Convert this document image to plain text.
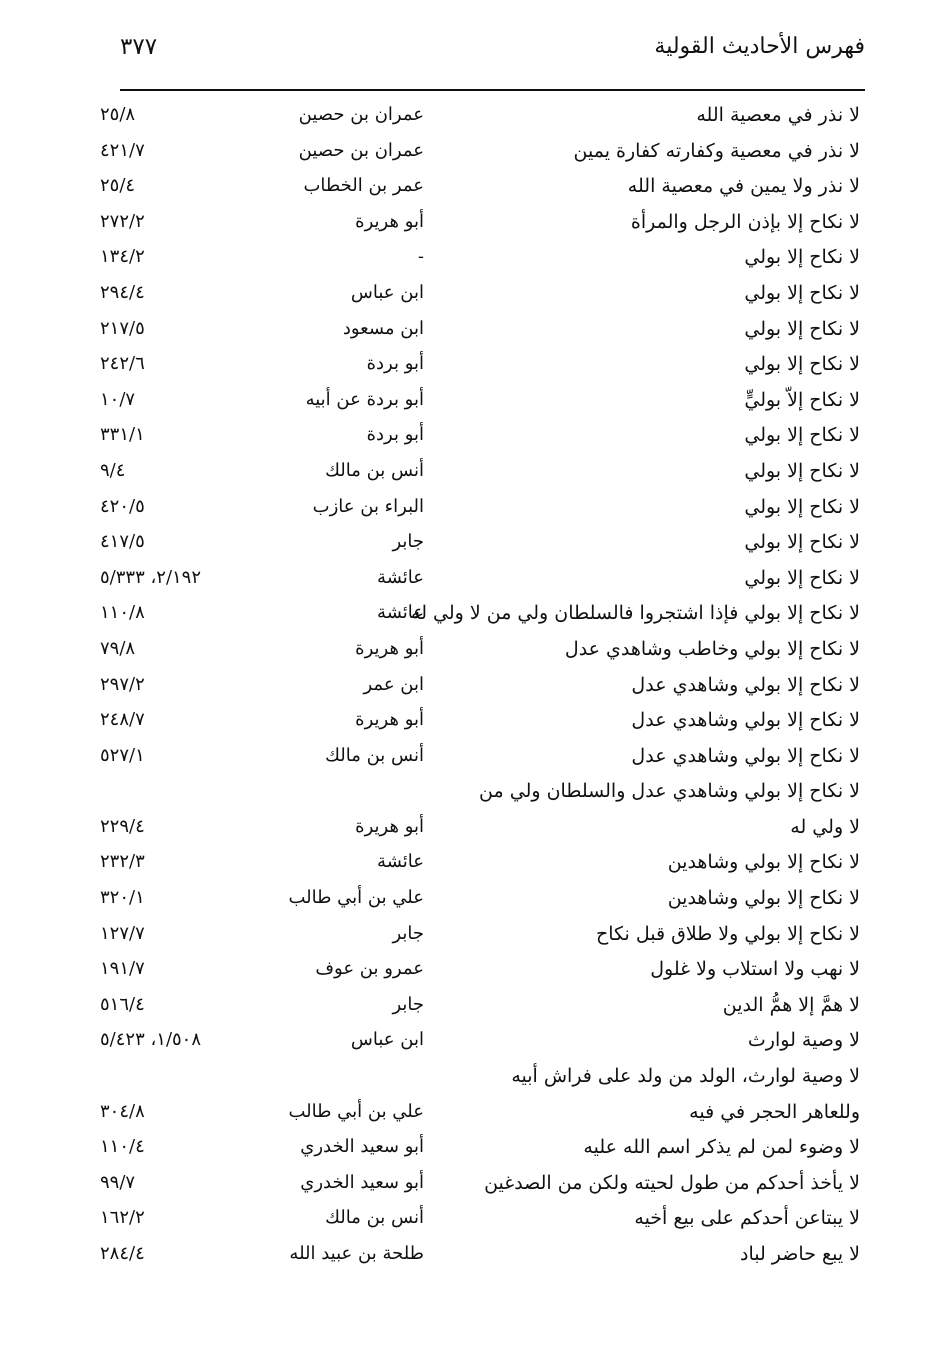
فهرس الأحاديث القولية
٣٧٧
لا نذر في معصية الله
عمران بن حصين
٢٥/٨
لا نذر في معصية وكفارته كفارة يمين
عمران بن حصين
٤٢١/٧
لا نذر ولا يمين في معصية الله
عمر بن الخطاب
٢٥/٤
لا نكاح إلا بإذن الرجل والمرأة
أبو هريرة
٢٧٢/٢
لا نكاح إلا بولي
-
١٣٤/٢
لا نكاح إلا بولي
ابن عباس
٢٩٤/٤
لا نكاح إلا بولي
ابن مسعود
٢١٧/٥
لا نكاح إلا بولي
أبو بردة
٢٤٢/٦
لا نكاح إلاّ بوليٍّ
أبو بردة عن أبيه
١٠/٧
لا نكاح إلا بولي
أبو بردة
٣٣١/١
لا نكاح إلا بولي
أنس بن مالك
٩/٤
لا نكاح إلا بولي
البراء بن عازب
٤٢٠/٥
لا نكاح إلا بولي
جابر
٤١٧/٥
لا نكاح إلا بولي
عائشة
٢/١٩٢، ٥/٣٣٣
لا نكاح إلا بولي فإذا اشتجروا فالسلطان ولي من لا ولي له
عائشة
١١٠/٨
لا نكاح إلا بولي وخاطب وشاهدي عدل
أبو هريرة
٧٩/٨
لا نكاح إلا بولي وشاهدي عدل
ابن عمر
٢٩٧/٢
لا نكاح إلا بولي وشاهدي عدل
أبو هريرة
٢٤٨/٧
لا نكاح إلا بولي وشاهدي عدل
أنس بن مالك
٥٢٧/١
لا نكاح إلا بولي وشاهدي عدل والسلطان ولي من
لا ولي له
أبو هريرة
٢٢٩/٤
لا نكاح إلا بولي وشاهدين
عائشة
٢٣٢/٣
لا نكاح إلا بولي وشاهدين
علي بن أبي طالب
٣٢٠/١
لا نكاح إلا بولي ولا طلاق قبل نكاح
جابر
١٢٧/٧
لا نهب ولا استلاب ولا غلول
عمرو بن عوف
١٩١/٧
لا همَّ إلا همُّ الدين
جابر
٥١٦/٤
لا وصية لوارث
ابن عباس
١/٥٠٨، ٥/٤٢٣
لا وصية لوارث، الولد من ولد على فراش أبيه
وللعاهر الحجر في فيه
علي بن أبي طالب
٣٠٤/٨
لا وضوء لمن لم يذكر اسم الله عليه
أبو سعيد الخدري
١١٠/٤
لا يأخذ أحدكم من طول لحيته ولكن من الصدغين
أبو سعيد الخدري
٩٩/٧
لا يبتاعن أحدكم على بيع أخيه
أنس بن مالك
١٦٢/٢
لا يبع حاضر لباد
طلحة بن عبيد الله
٢٨٤/٤
